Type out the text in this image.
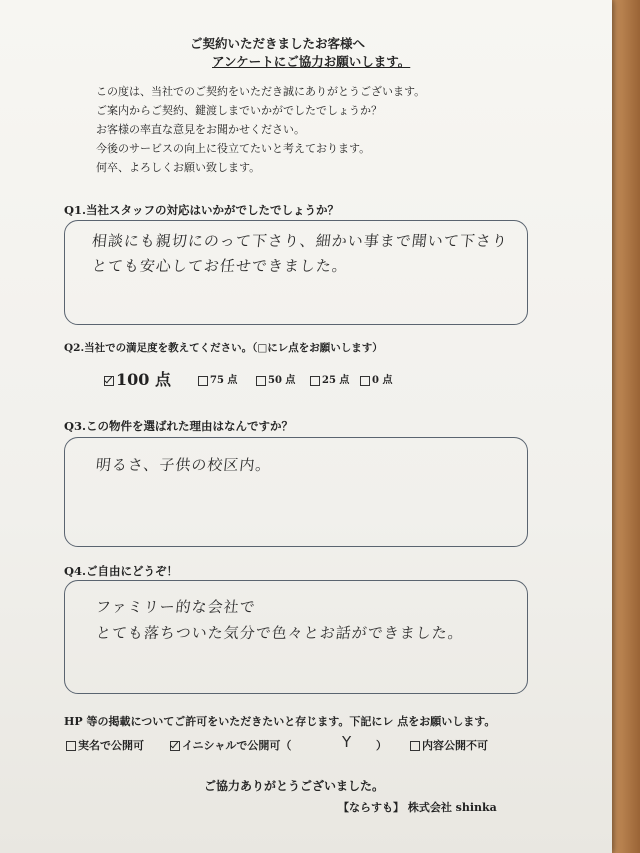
ご契約いただきましたお客様へ
アンケートにご協力お願いします。
この度は、当社でのご契約をいただき誠にありがとうございます。
ご案内からご契約、鍵渡しまでいかがでしたでしょうか？
お客様の率直な意見をお聞かせください。
今後のサービスの向上に役立てたいと考えております。
何卒、よろしくお願い致します。
Q1.当社スタッフの対応はいかがでしたでしょうか？
相談にも親切にのって下さり、細かい事まで聞いて下さり
とても安心してお任せできました。
Q2.当社での満足度を教えてください。（□にレ点をお願いします）
100 点	75 点	50 点	25 点	0 点
Q3.この物件を選ばれた理由はなんですか？
明るさ、子供の校区内。
Q4.ご自由にどうぞ！
ファミリー的な会社で
とても落ちついた気分で色々とお話ができました。
HP 等の掲載についてご許可をいただきたいと存じます。下記にレ 点をお願いします。
実名で公開可	イニシャルで公開可（	Y ）	内容公開不可
ご協力ありがとうございました。
【ならすも】 株式会社 shinka
